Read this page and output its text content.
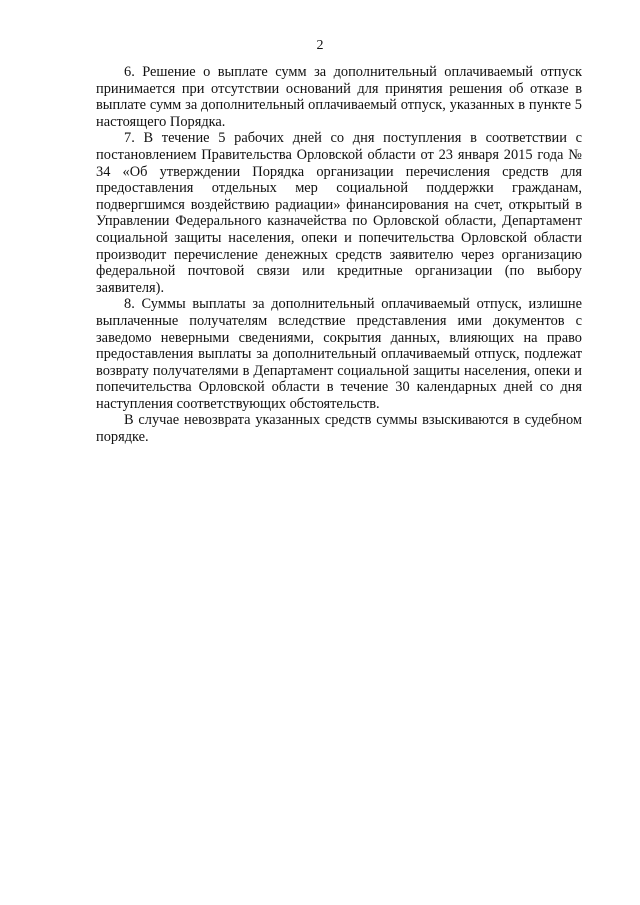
2

6. Решение о выплате сумм за дополнительный оплачиваемый отпуск принимается при отсутствии оснований для принятия решения об отказе в выплате сумм за дополнительный оплачиваемый отпуск, указанных в пункте 5 настоящего Порядка.

7. В течение 5 рабочих дней со дня поступления в соответствии с постановлением Правительства Орловской области от 23 января 2015 года № 34 «Об утверждении Порядка организации перечисления средств для предоставления отдельных мер социальной поддержки гражданам, подвергшимся воздействию радиации» финансирования на счет, открытый в Управлении Федерального казначейства по Орловской области, Департамент социальной защиты населения, опеки и попечительства Орловской области производит перечисление денежных средств заявителю через организацию федеральной почтовой связи или кредитные организации (по выбору заявителя).

8. Суммы выплаты за дополнительный оплачиваемый отпуск, излишне выплаченные получателям вследствие представления ими документов с заведомо неверными сведениями, сокрытия данных, влияющих на право предоставления выплаты за дополнительный оплачиваемый отпуск, подлежат возврату получателями в Департамент социальной защиты населения, опеки и попечительства Орловской области в течение 30 календарных дней со дня наступления соответствующих обстоятельств.

В случае невозврата указанных средств суммы взыскиваются в судебном порядке.
